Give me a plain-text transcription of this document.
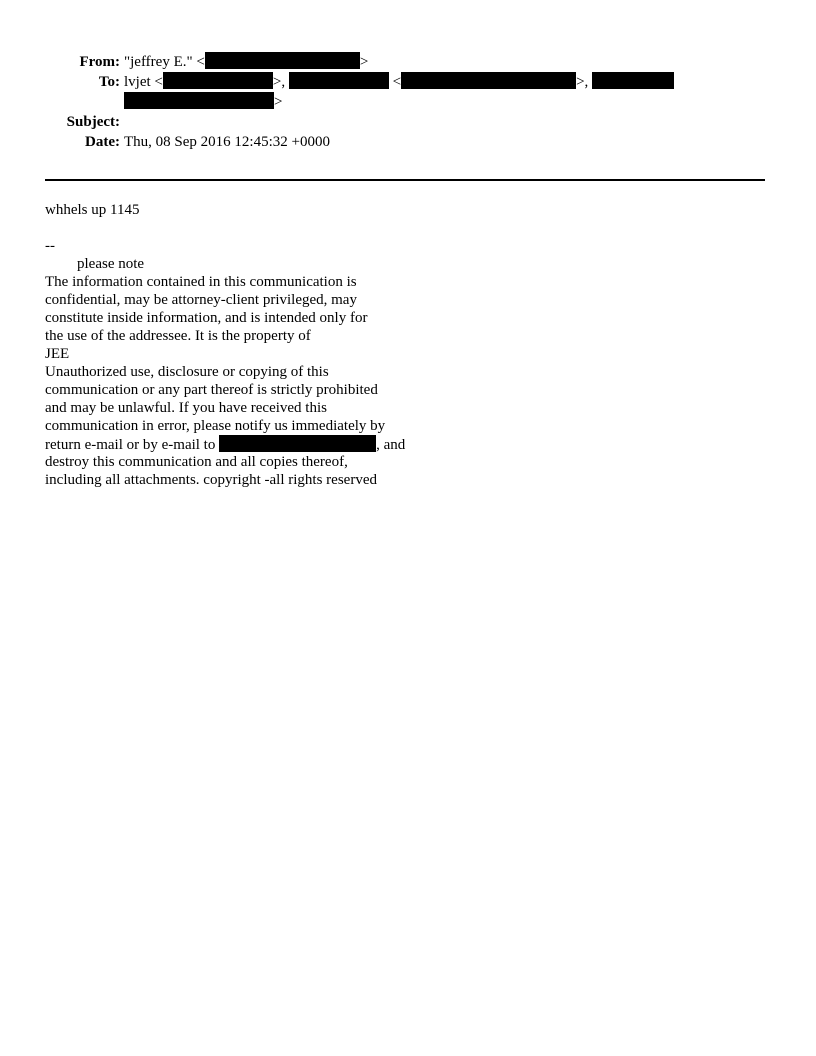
From: "jeffrey E." <	>
To: lvjet <	>,	<	>,
>
Subject:
Date: Thu, 08 Sep 2016 12:45:32 +0000
whhels up 1145
--
please note
The information contained in this communication is
confidential, may be attorney-client privileged, may
constitute inside information, and is intended only for
the use of the addressee. It is the property of
JEE
Unauthorized use, disclosure or copying of this
communication or any part thereof is strictly prohibited
and may be unlawful. If you have received this
communication in error, please notify us immediately by
return e-mail or by e-mail to	, and
destroy this communication and all copies thereof,
including all attachments. copyright -all rights reserved
